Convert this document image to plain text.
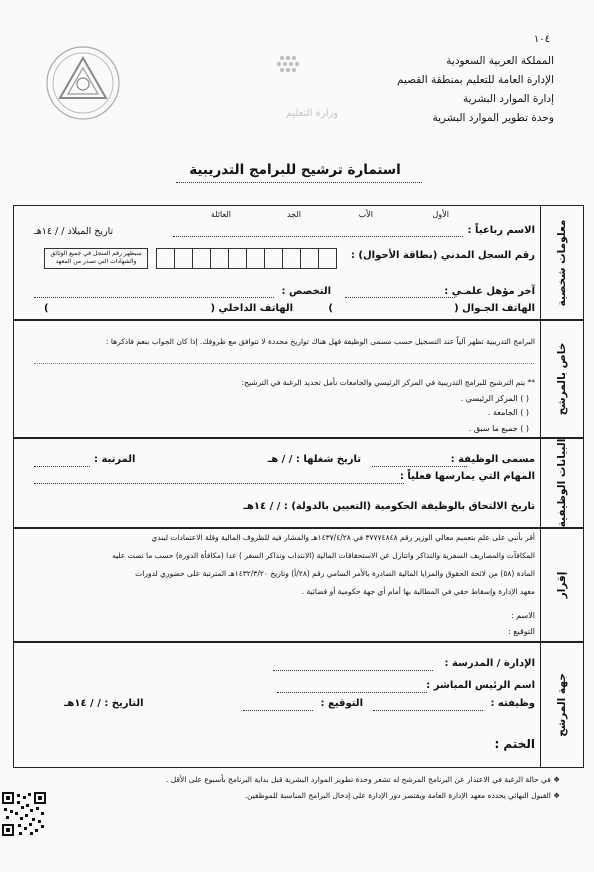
١٠٤
المملكة العربية السعودية
الإدارة العامة للتعليم بمنطقة القصيم
إدارة الموارد البشرية
وحدة تطوير الموارد البشرية
وزارة التعليم
استمارة ترشيح للبرامج التدريبية
معلومات شخصية
الأول
الأب
الجد
العائلة
الاسم رباعياً :
تاريخ الميلاد / / ١٤هـ
رقم السجل المدني (بطاقة الأحوال) :
سيظهر رقم السجل في جميع الوثائق والشهادات التي تصدر من المعهد
آخر مؤهل علمـي :
التخصص :
الهاتف الجـوال (
)
الهاتف الداخلي (
)
خاص بالمرشح
البرامج التدريبية تظهر آلياً عند التسجيل حسب مسمى الوظيفة فهل هناك تواريخ محددة لا تتوافق مع ظروفك. إذا كان الجواب بنعم فاذكرها :
** يتم الترشيح للبرامج التدريبية في المركز الرئيسي والجامعات نأمل تحديد الرغبة في الترشيح:
( ) المركز الرئيسي .
( ) الجامعة .
( ) جميع ما سبق .
البيانات الوظيفية
مسمى الوظيفة :
تاريخ شغلها : / / هـ
المرتبة :
المهام التي يمارسها فعلياً :
تاريخ الالتحاق بالوظيفة الحكومية (التعيين بالدولة) : / / ١٤هـ
إقرار
أقر بأنني على علم بتعميم معالي الوزير رقم ٣٧٧٧٤٨٤٨ في ١٤٣٧/٤/٢٨هـ والمشار فيه للظروف المالية وقلة الاعتمادات لبندي
المكافآت والمصاريف السفرية والتذاكر واتنازل عن الاستحقاقات المالية (الانتداب وتذاكر السفر ) عدا (مكافأة الدورة) حسب ما نصت عليه
المادة (٥٨) من لائحة الحقوق والمزايا المالية الصادرة بالأمر السامي رقم (٢٨/أ) وتاريخ ١٤٣٢/٣/٢٠هـ المترتبة على حضوري لدورات
معهد الإدارة وإسقاط حقي في المطالبة بها أمام أي جهة حكومية أو قضائية .
الاسم :
التوقيع :
جهة المرشح
الإدارة / المدرسة :
اسم الرئيس المباشر :
وظيفته :
التوقيع :
التاريخ : / / ١٤هـ
الختم :
❖ في حالة الرغبة في الاعتذار عن البرنامج المرشح له تشعر وحدة تطوير الموارد البشرية قبل بداية البرنامج بأسبوع على الأقل .
❖ القبول النهائي يحدده معهد الإدارة العامة ويقتصر دور الإدارة على إدخال البرامج المناسبة للموظفين.
